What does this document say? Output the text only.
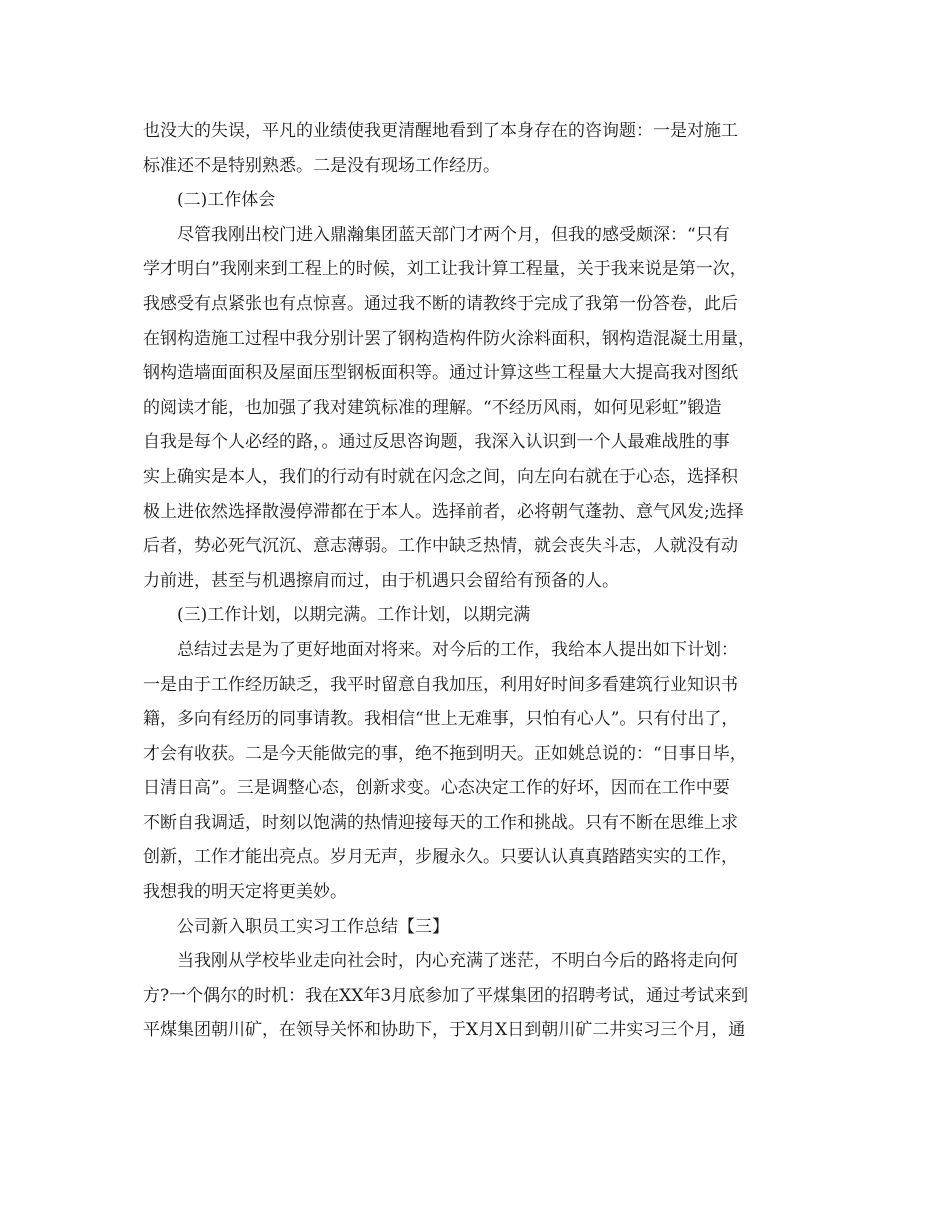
也没大的失误，平凡的业绩使我更清醒地看到了本身存在的咨询题：一是对施工
标准还不是特别熟悉。二是没有现场工作经历。
(二)工作体会
尽管我刚出校门进入鼎瀚集团蓝天部门才两个月，但我的感受颇深：“只有
学才明白”我刚来到工程上的时候，刘工让我计算工程量，关于我来说是第一次，
我感受有点紧张也有点惊喜。通过我不断的请教终于完成了我第一份答卷，此后
在钢构造施工过程中我分别计罢了钢构造构件防火涂料面积，钢构造混凝土用量，
钢构造墙面面积及屋面压型钢板面积等。通过计算这些工程量大大提高我对图纸
的阅读才能，也加强了我对建筑标准的理解。“不经历风雨，如何见彩虹”锻造
自我是每个人必经的路，。通过反思咨询题，我深入认识到一个人最难战胜的事
实上确实是本人，我们的行动有时就在闪念之间，向左向右就在于心态，选择积
极上进依然选择散漫停滞都在于本人。选择前者，必将朝气蓬勃、意气风发;选择
后者，势必死气沉沉、意志薄弱。工作中缺乏热情，就会丧失斗志，人就没有动
力前进，甚至与机遇擦肩而过，由于机遇只会留给有预备的人。
(三)工作计划，以期完满。工作计划，以期完满
总结过去是为了更好地面对将来。对今后的工作，我给本人提出如下计划：
一是由于工作经历缺乏，我平时留意自我加压，利用好时间多看建筑行业知识书
籍，多向有经历的同事请教。我相信“世上无难事，只怕有心人”。只有付出了，
才会有收获。二是今天能做完的事，绝不拖到明天。正如姚总说的：“日事日毕，
日清日高”。三是调整心态，创新求变。心态决定工作的好坏，因而在工作中要
不断自我调适，时刻以饱满的热情迎接每天的工作和挑战。只有不断在思维上求
创新，工作才能出亮点。岁月无声，步履永久。只要认认真真踏踏实实的工作，
我想我的明天定将更美妙。
公司新入职员工实习工作总结【三】
当我刚从学校毕业走向社会时，内心充满了迷茫，不明白今后的路将走向何
方?一个偶尔的时机：我在XX年3月底参加了平煤集团的招聘考试，通过考试来到
平煤集团朝川矿，在领导关怀和协助下，于X月X日到朝川矿二井实习三个月，通
